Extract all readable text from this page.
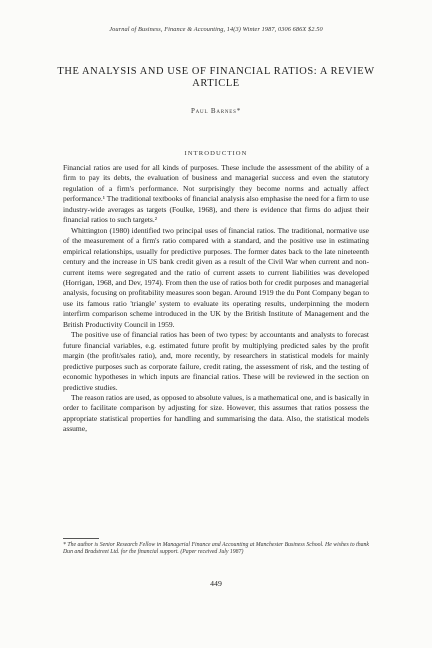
Journal of Business, Finance & Accounting, 14(3) Winter 1987, 0306 686X $2.50
THE ANALYSIS AND USE OF FINANCIAL RATIOS: A REVIEW ARTICLE
Paul Barnes*
INTRODUCTION

Financial ratios are used for all kinds of purposes. These include the assessment of the ability of a firm to pay its debts, the evaluation of business and managerial success and even the statutory regulation of a firm's performance. Not surprisingly they become norms and actually affect performance.¹ The traditional textbooks of financial analysis also emphasise the need for a firm to use industry-wide averages as targets (Foulke, 1968), and there is evidence that firms do adjust their financial ratios to such targets.²

Whittington (1980) identified two principal uses of financial ratios. The traditional, normative use of the measurement of a firm's ratio compared with a standard, and the positive use in estimating empirical relationships, usually for predictive purposes. The former dates back to the late nineteenth century and the increase in US bank credit given as a result of the Civil War when current and non-current items were segregated and the ratio of current assets to current liabilities was developed (Horrigan, 1968, and Dev, 1974). From then the use of ratios both for credit purposes and managerial analysis, focusing on profitability measures soon began. Around 1919 the du Pont Company began to use its famous ratio 'triangle' system to evaluate its operating results, underpinning the modern interfirm comparison scheme introduced in the UK by the British Institute of Management and the British Productivity Council in 1959.

The positive use of financial ratios has been of two types: by accountants and analysts to forecast future financial variables, e.g. estimated future profit by multiplying predicted sales by the profit margin (the profit/sales ratio), and, more recently, by researchers in statistical models for mainly predictive purposes such as corporate failure, credit rating, the assessment of risk, and the testing of economic hypotheses in which inputs are financial ratios. These will be reviewed in the section on predictive studies.

The reason ratios are used, as opposed to absolute values, is a mathematical one, and is basically in order to facilitate comparison by adjusting for size. However, this assumes that ratios possess the appropriate statistical properties for handling and summarising the data. Also, the statistical models assume,

* The author is Senior Research Fellow in Managerial Finance and Accounting at Manchester Business School. He wishes to thank Dun and Bradstreet Ltd. for the financial support. (Paper received July 1987)
449
